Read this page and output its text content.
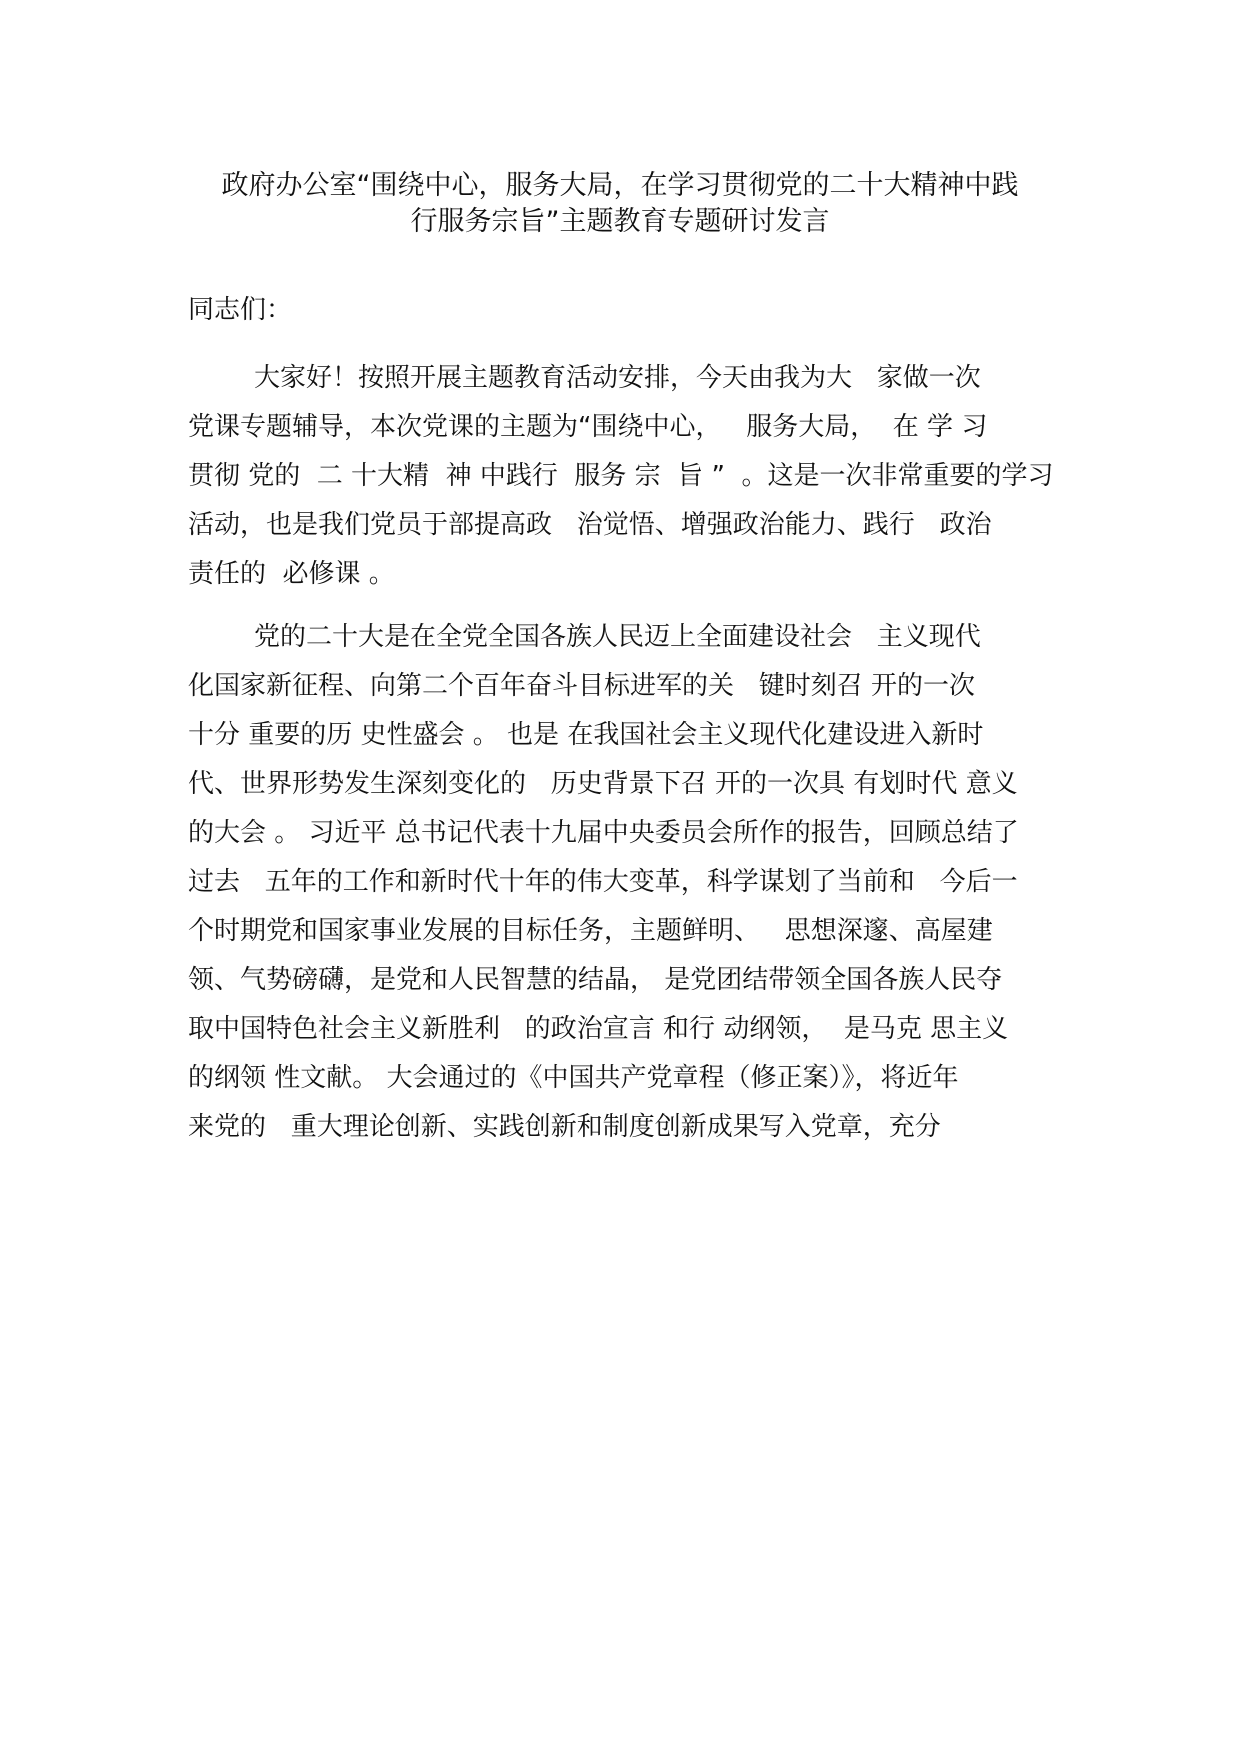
政府办公室“围绕中心，服务大局，在学习贯彻党的二十大精神中践
行服务宗旨”主题教育专题研讨发言
同志们：
大家好！按照开展主题教育活动安排，今天由我为大   家做一次
党课专题辅导，本次党课的主题为“围绕中心，   服务大局，  在 学 习
贯彻 党的  二 十大精  神 中践行  服务 宗  旨 ”  。这是一次非常重要的学习
活动，也是我们党员于部提高政   治觉悟、增强政治能力、践行   政治
责任的  必修课 。
党的二十大是在全党全国各族人民迈上全面建设社会   主义现代
化国家新征程、向第二个百年奋斗目标进军的关   键时刻召 开的一次
十分 重要的历 史性盛会 。 也是 在我国社会主义现代化建设进入新时
代、世界形势发生深刻变化的   历史背景下召 开的一次具 有划时代 意义
的大会 。 习近平 总书记代表十九届中央委员会所作的报告，回顾总结了
过去   五年的工作和新时代十年的伟大变革，科学谋划了当前和   今后一
个时期党和国家事业发展的目标任务，主题鲜明、   思想深邃、高屋建
领、气势磅礴，是党和人民智慧的结晶， 是党团结带领全国各族人民夺
取中国特色社会主义新胜利   的政治宣言 和行 动纲领，  是马克 思主义
的纲领 性文献。 大会通过的《中国共产党章程（修正案）》，将近年
来党的   重大理论创新、实践创新和制度创新成果写入党章，充分
